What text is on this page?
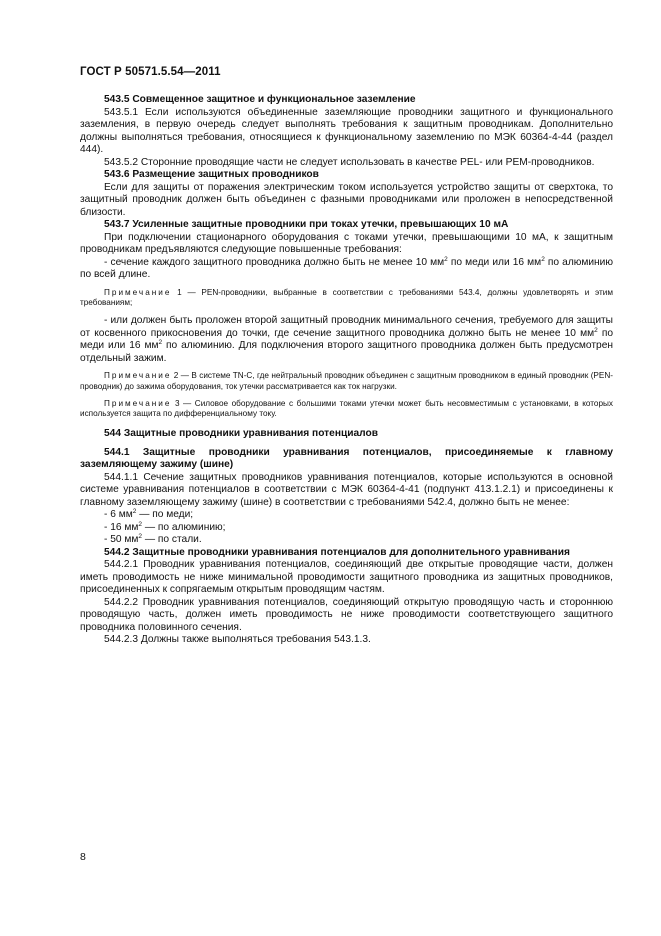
ГОСТ Р 50571.5.54—2011

543.5 Совмещенное защитное и функциональное заземление

543.5.1 Если используются объединенные заземляющие проводники защитного и функционального заземления, в первую очередь следует выполнять требования к защитным проводникам. Дополнительно должны выполняться требования, относящиеся к функциональному заземлению по МЭК 60364-4-44 (раздел 444).

543.5.2 Сторонние проводящие части не следует использовать в качестве PEL- или PEM-проводников.

543.6 Размещение защитных проводников

Если для защиты от поражения электрическим током используется устройство защиты от сверхтока, то защитный проводник должен быть объединен с фазными проводниками или проложен в непосредственной близости.

543.7 Усиленные защитные проводники при токах утечки, превышающих 10 мА

При подключении стационарного оборудования с токами утечки, превышающими 10 мА, к защитным проводникам предъявляются следующие повышенные требования:

- сечение каждого защитного проводника должно быть не менее 10 $мм^2$ по меди или 16 $мм^2$ по алюминию по всей длине.

Примечание 1 — PEN-проводники, выбранные в соответствии с требованиями 543.4, должны удовлетворять и этим требованиям;

- или должен быть проложен второй защитный проводник минимального сечения, требуемого для защиты от косвенного прикосновения до точки, где сечение защитного проводника должно быть не менее 10 $мм^2$ по меди или 16 $мм^2$ по алюминию. Для подключения второго защитного проводника должен быть предусмотрен отдельный зажим.

Примечание 2 — В системе TN-C, где нейтральный проводник объединен с защитным проводником в единый проводник (PEN-проводник) до зажима оборудования, ток утечки рассматривается как ток нагрузки.

Примечание 3 — Силовое оборудование с большими токами утечки может быть несовместимым с установками, в которых используется защита по дифференциальному току.

544 Защитные проводники уравнивания потенциалов

544.1 Защитные проводники уравнивания потенциалов, присоединяемые к главному заземляющему зажиму (шине)

544.1.1 Сечение защитных проводников уравнивания потенциалов, которые используются в основной системе уравнивания потенциалов в соответствии с МЭК 60364-4-41 (подпункт 413.1.2.1) и присоединены к главному заземляющему зажиму (шине) в соответствии с требованиями 542.4, должно быть не менее:

- 6 $мм^2$ — по меди;

- 16 $мм^2$ — по алюминию;

- 50 $мм^2$ — по стали.

544.2 Защитные проводники уравнивания потенциалов для дополнительного уравнивания

544.2.1 Проводник уравнивания потенциалов, соединяющий две открытые проводящие части, должен иметь проводимость не ниже минимальной проводимости защитного проводника из защитных проводников, присоединенных к сопрягаемым открытым проводящим частям.

544.2.2 Проводник уравнивания потенциалов, соединяющий открытую проводящую часть и стороннюю проводящую часть, должен иметь проводимость не ниже проводимости соответствующего защитного проводника половинного сечения.

544.2.3 Должны также выполняться требования 543.1.3.

8
